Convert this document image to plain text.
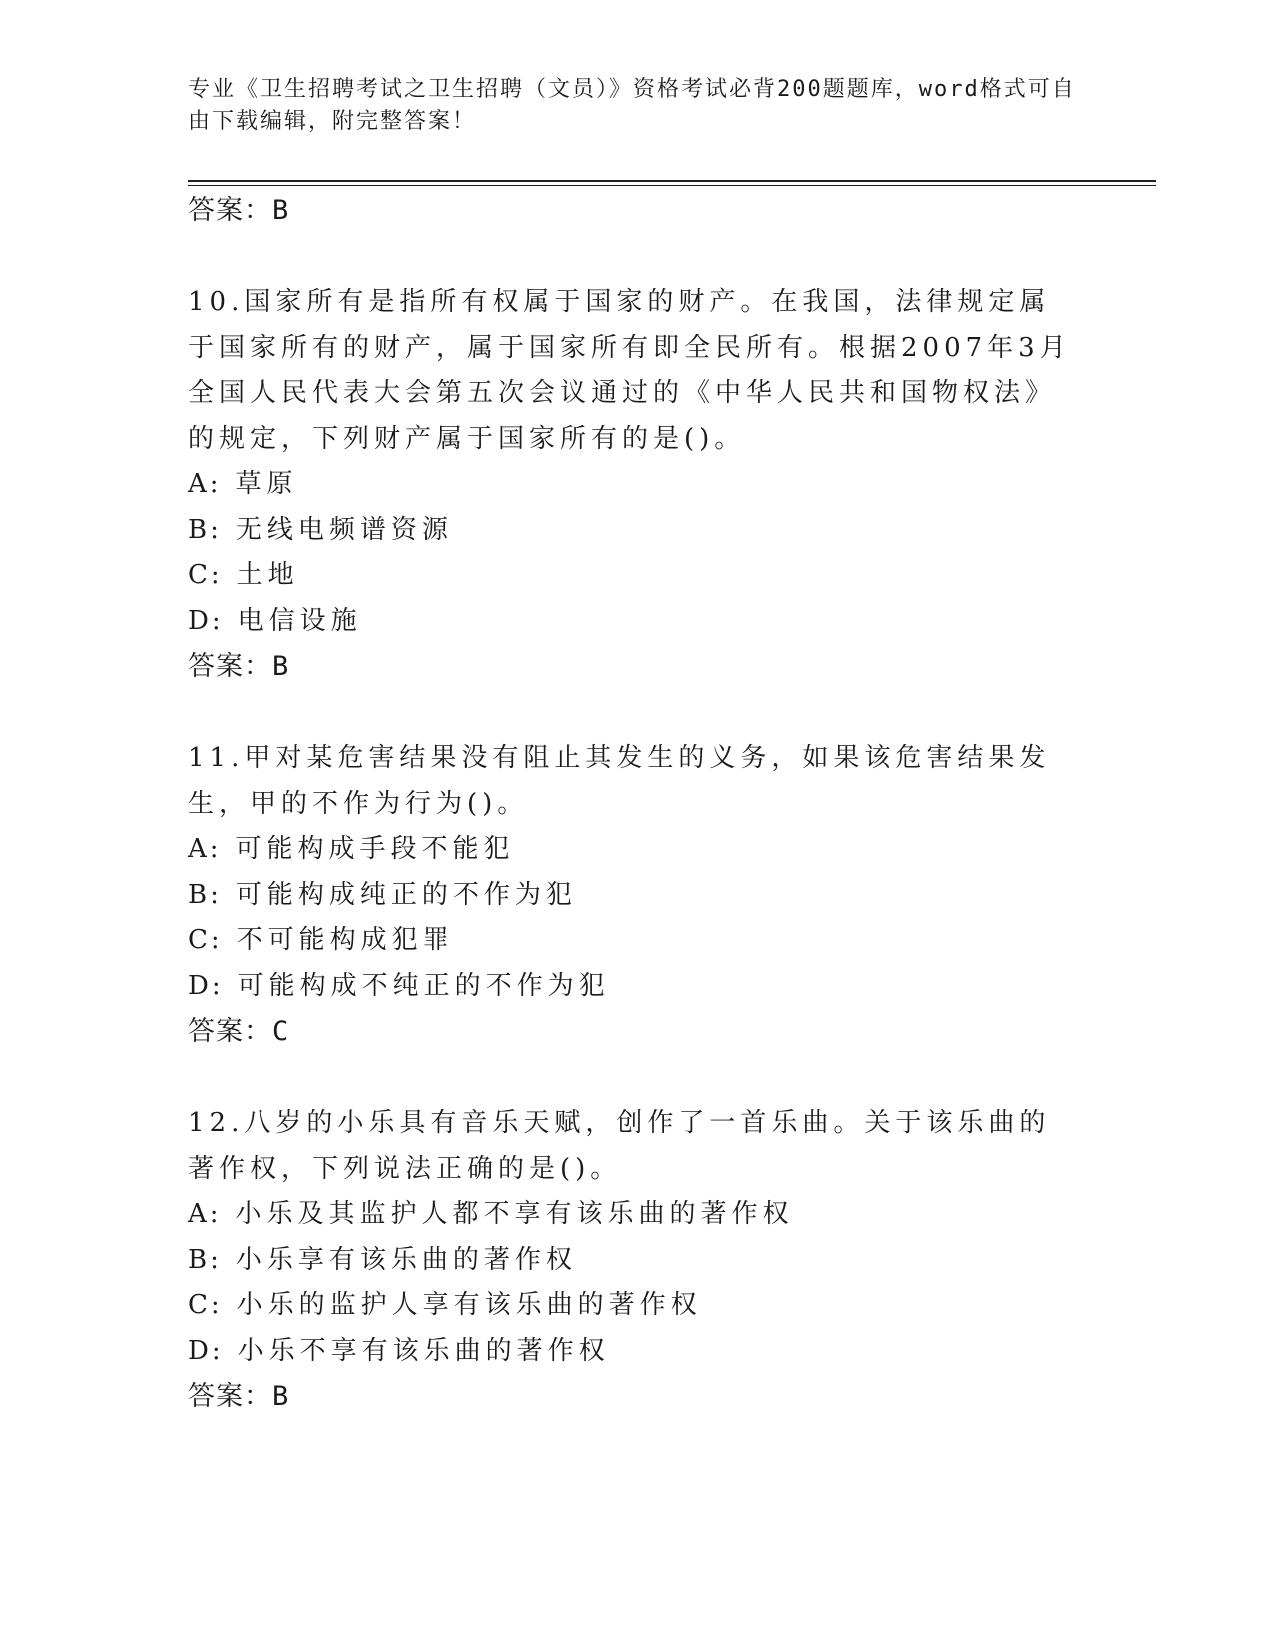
专业《卫生招聘考试之卫生招聘（文员）》资格考试必背200题题库，word格式可自由下载编辑，附完整答案！
答案：B
10.国家所有是指所有权属于国家的财产。在我国，法律规定属于国家所有的财产，属于国家所有即全民所有。根据2007年3月全国人民代表大会第五次会议通过的《中华人民共和国物权法》的规定，下列财产属于国家所有的是()。
A: 草原
B: 无线电频谱资源
C: 土地
D: 电信设施
答案：B
11.甲对某危害结果没有阻止其发生的义务，如果该危害结果发生，甲的不作为行为()。
A: 可能构成手段不能犯
B: 可能构成纯正的不作为犯
C: 不可能构成犯罪
D: 可能构成不纯正的不作为犯
答案：C
12.八岁的小乐具有音乐天赋，创作了一首乐曲。关于该乐曲的著作权，下列说法正确的是()。
A: 小乐及其监护人都不享有该乐曲的著作权
B: 小乐享有该乐曲的著作权
C: 小乐的监护人享有该乐曲的著作权
D: 小乐不享有该乐曲的著作权
答案：B
